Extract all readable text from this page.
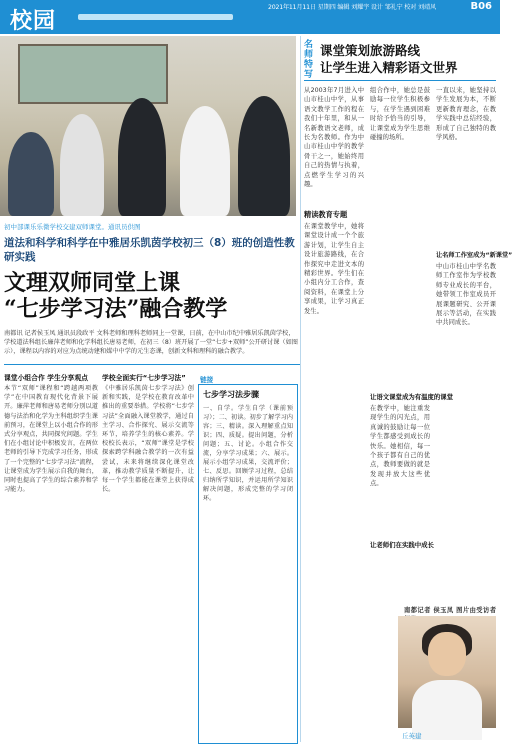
校园
2021年11月11日 星期四 编辑 刘耀宇 设计 邹礼宁 校对 刘靖风	B06
初中部课乐乐微学校交建双师课堂。通讯员供图
名师特写
课堂策划旅游路线
让学生进入精彩语文世界
从2003年7月进入中山市桂山中学，从事语文教学工作的程在我们十年里，和从一名新教语文老师，成长为名教师。作为中山市桂山中学的教学骨干之一，她始终用自己的热情与执着，点燃学生学习的兴趣。
精读教育专题
在课堂教学中，她将课堂设计成一个个旅游计划，让学生自主设计旅游路线，在合作探究中走进文本的精彩世界。学生们在小组内分工合作，查阅资料，在课堂上分享成果，让学习真正发生。
组合作中，她总是鼓励每一位学生积极参与，在学生遇到困难时给予恰当的引导，让课堂成为学生思维碰撞的场所。
让语文课堂成为有温度的课堂
在教学中，她注重发现学生的闪光点，用真诚的鼓励让每一位学生都感受到成长的快乐。她相信，每一个孩子都有自己的优点，教师要做的就是发现并放大这些优点。
让老师们在实践中成长
一直以来，她坚持以学生发展为本，不断更新教育理念，在教学实践中总结经验，形成了自己独特的教学风格。
让名师工作室成为“新课堂”
中山市桂山中学名教师工作室作为学校教师专业成长的平台，她带领工作室成员开展课题研究、公开课展示等活动，在实践中共同成长。
南都记者 侯玉凤 图片由受访者
丘英建
道法和科学和科学在中雅居乐凯茵学校初三（8）班的创造性教研实践
文理双师同堂上课
“七步学习法”融合教学
南都讯 记者侯玉凤 通讯员段政平 文科老师和理科老师同上一堂课，日前，在中山市纪中雅居乐凯茵学校，学校道法科组长廉萍老师和化学科组长唐易老师，在初三（8）班开展了一堂“七步+双师”公开研讨课（如图示），课程以内容的对应为点统动建和媒中中学的元生态课，创新文科和理科的融合教学。
课堂小组合作 学生分享观点
本节“双师”课程和“跨越两项教学”在中国教育现代化背景下展开。廉萍老师和唐易老师分别以道德与法治和化学为主科组织学生课前预习，在课堂上以小组合作的形式分享观点，共同探究问题。学生们在小组讨论中积极发言，在两位老师的引导下完成学习任务，形成了一个完整的“七步学习法”流程，让课堂成为学生展示自我的舞台，同时也提高了学生的综合素养和学习能力。
学校全面实行“七步学习法”
《中雅居乐凯茵七步学习法》创新和实践，是学校在教育改革中推出的重要举措。学校将“七步学习法”全面融入课堂教学，通过自主学习、合作探究、展示交流等环节，培养学生的核心素养。学校校长表示，“双师”课堂是学校探索跨学科融合教学的一次有益尝试，未来将继续深化课堂改革，推动教学质量不断提升，让每一个学生都能在课堂上获得成长。
链接
七步学习法步骤
一、自学。学生自学（课前预习）；二、初读。初步了解学习内容；三、精读。深入理解重点知识；四、质疑。提出问题，分析问题；五、讨论。小组合作交流，分享学习成果；六、展示。展示小组学习成果，交流评价；七、反思。回顾学习过程，总结归纳所学知识，并运用所学知识解决问题，形成完整的学习闭环。
